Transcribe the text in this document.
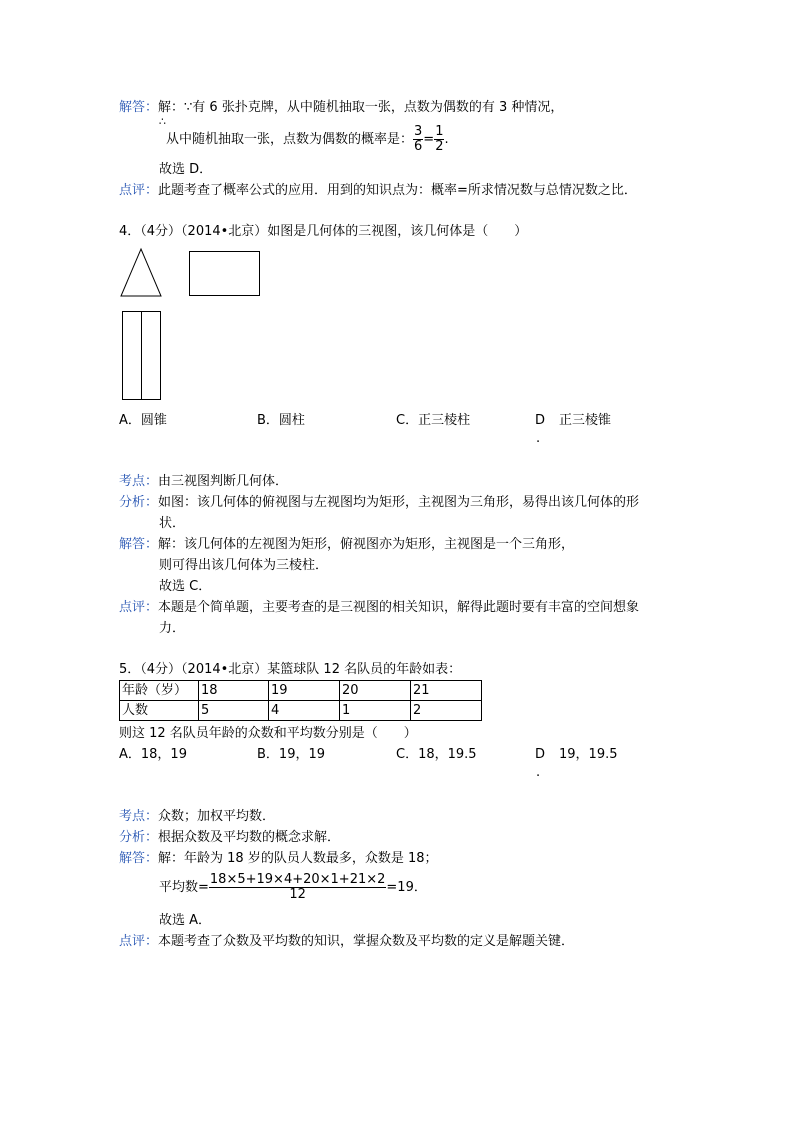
解答：解：∵有 6 张扑克牌，从中随机抽取一张，点数为偶数的有 3 种情况，
∴
从中随机抽取一张，点数为偶数的概率是： $\frac{3}{6} = \frac{1}{2}$ .
故选 D．
点评：此题考查了概率公式的应用．用到的知识点为：概率=所求情况数与总情况数之比．
4．（4分）（2014•北京）如图是几何体的三视图，该几何体是（　　）
A．圆锥	B．圆柱	C．正三棱柱	D 正三棱锥
.
考点：由三视图判断几何体．
分析：如图：该几何体的俯视图与左视图均为矩形，主视图为三角形，易得出该几何体的形
状．
解答：解：该几何体的左视图为矩形，俯视图亦为矩形，主视图是一个三角形，
则可得出该几何体为三棱柱．
故选 C．
点评：本题是个简单题，主要考查的是三视图的相关知识，解得此题时要有丰富的空间想象
力．
5．（4分）（2014•北京）某篮球队 12 名队员的年龄如表：
年龄（岁）	18	19	20	21
人数	5	4	1	2
则这 12 名队员年龄的众数和平均数分别是（　　）
A．18，19	B．19，19	C．18，19.5	D 19，19.5
.
考点：众数；加权平均数．
分析：根据众数及平均数的概念求解．
解答：解：年龄为 18 岁的队员人数最多，众数是 18；
平均数= $\frac{18\times 5+19\times 4+20\times 1+21\times 2}{12} =19$．
故选 A．
点评：本题考查了众数及平均数的知识，掌握众数及平均数的定义是解题关键．
